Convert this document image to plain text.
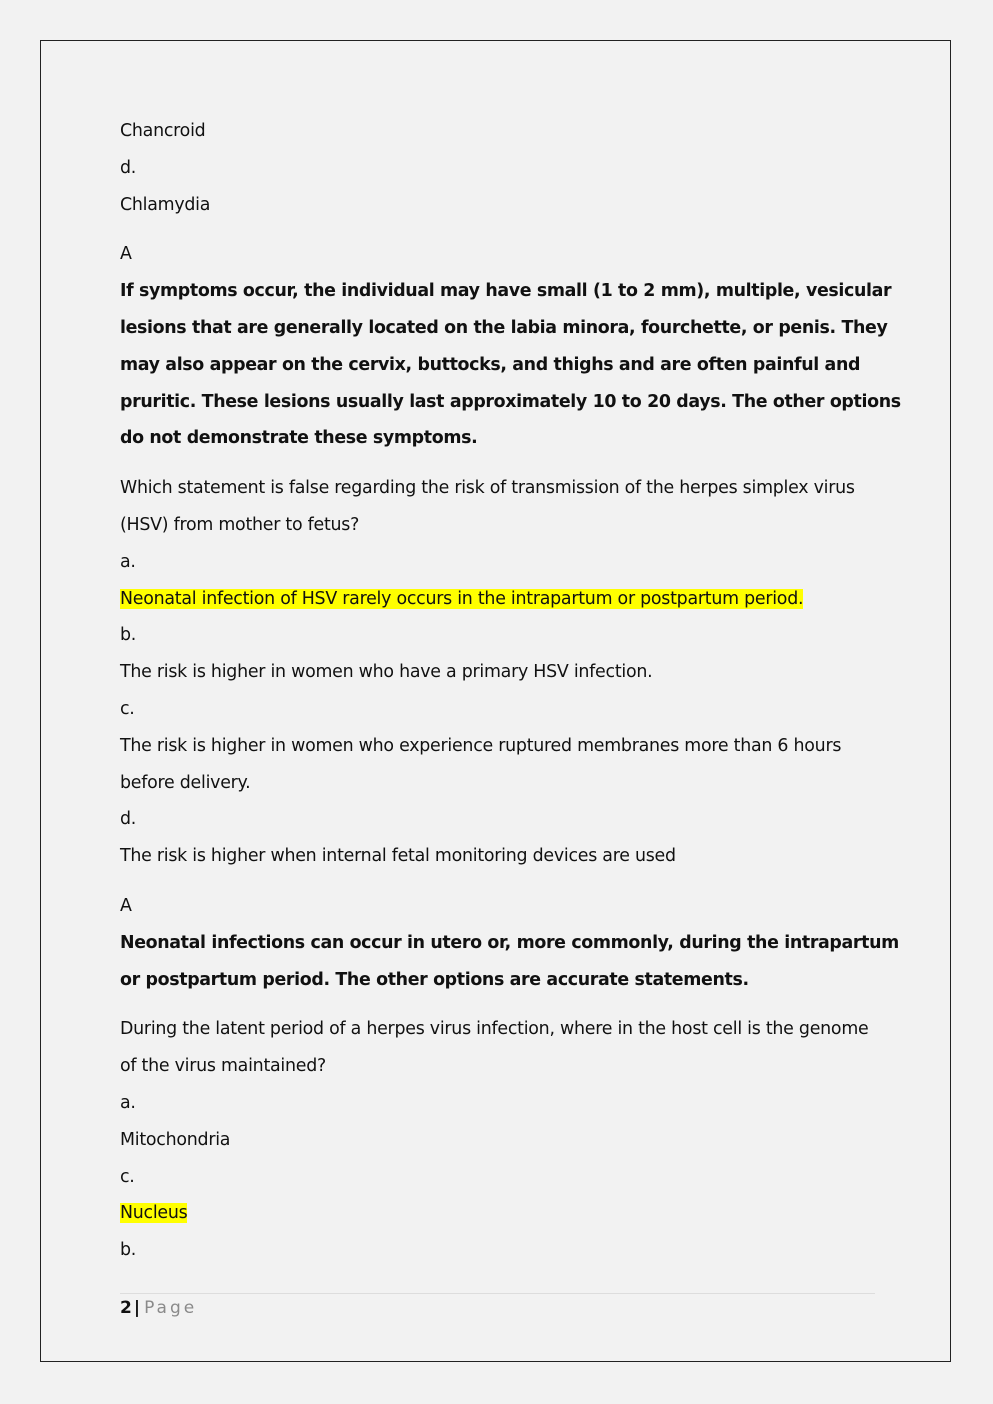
Chancroid
d.
Chlamydia
A
If symptoms occur, the individual may have small (1 to 2 mm), multiple, vesicular
lesions that are generally located on the labia minora, fourchette, or penis. They
may also appear on the cervix, buttocks, and thighs and are often painful and
pruritic. These lesions usually last approximately 10 to 20 days. The other options
do not demonstrate these symptoms.
Which statement is false regarding the risk of transmission of the herpes simplex virus
(HSV) from mother to fetus?
a.
Neonatal infection of HSV rarely occurs in the intrapartum or postpartum period.
b.
The risk is higher in women who have a primary HSV infection.
c.
The risk is higher in women who experience ruptured membranes more than 6 hours
before delivery.
d.
The risk is higher when internal fetal monitoring devices are used
A
Neonatal infections can occur in utero or, more commonly, during the intrapartum
or postpartum period. The other options are accurate statements.
During the latent period of a herpes virus infection, where in the host cell is the genome
of the virus maintained?
a.
Mitochondria
c.
Nucleus
b.
2 | Page
